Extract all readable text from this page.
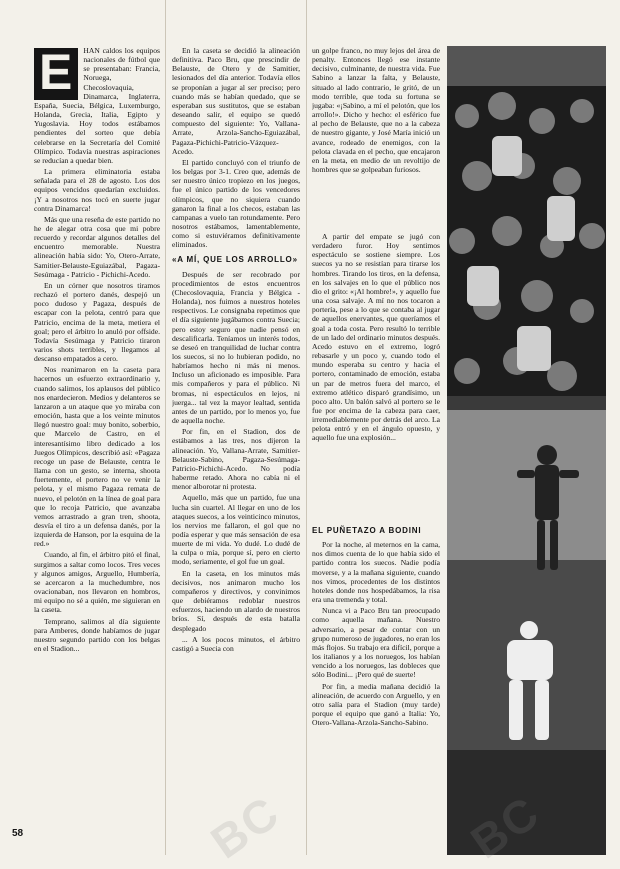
E	HAN caldos los equipos nacionales de fútbol que se presentaban: Francia, Noruega, Checoslovaquia, Dinamarca, Inglaterra, España, Suecia, Bélgica, Luxemburgo, Holanda, Grecia, Italia, Egipto y Yugoslavia. Hoy todos estábamos pendientes del sorteo que debía celebrarse en la Secretaría del Comité Olímpico. Todavía nuestras aspiraciones se reducían a quedar bien.

La primera eliminatoria estaba señalada para el 28 de agosto. Los dos equipos vencidos quedarían excluidos. ¡Y a nosotros nos tocó en suerte jugar contra Dinamarca!

Más que una reseña de este partido no he de alegar otra cosa que mi pobre recuerdo y recordar algunos detalles del encuentro memorable. Nuestra alineación había sido: Yo, Otero-Arrate, Samitier-Belauste-Eguiazábal, Pagaza-Sesúmaga - Patricio - Pichichi-Acedo.

En un córner que nosotros tiramos rechazó el portero danés, despejó un poco dudoso y Pagaza, después de escapar con la pelota, centró para que Patricio, encima de la meta, metiera el goal; pero el árbitro lo anuló por offside. Todavía Sesúmaga y Patricio tiraron varios shots terribles, y llegamos al descanso empatados a cero.

Nos reanimaron en la caseta para hacernos un esfuerzo extraordinario y, cuando salimos, los aplausos del público nos enardecieron. Medios y delanteros se lanzaron a un ataque que yo miraba con emoción, hasta que a los veinte minutos llegó nuestro goal: muy bonito, soberbio, que Marcelo de Castro, en el interesantísimo libro dedicado a los Juegos Olímpicos, describió así: «Pagaza recoge un pase de Belauste, centra le llama con un gesto, se interna, shoota fuertemente, el portero no ve venir la pelota, y el mismo Pagaza remata de nuevo, el pelotón en la línea de goal para que lo recoja Patricio, que avanzaba vemos arrastrado a gran tren, shoota, desvía el tiro a un defensa danés, por la izquierda de Hanson, por la esquina de la red.»

Cuando, al fin, el árbitro pitó el final, surgimos a saltar como locos. Tres veces y algunos amigos, Arguello, Humbería, se acercaron a la muchedumbre, nos ovacionaban, nos llevaron en hombros, mi equipo no sé a quién, me siguieran en la caseta.

Temprano, salimos al día siguiente para Amberes, donde habíamos de jugar nuestro segundo partido con los belgas en el Stadion...

En la caseta se decidió la alineación definitiva. Paco Bru, que prescindir de Belauste, de Otero y de Samitier, lesionados del día anterior. Todavía ellos se proponían a jugar al ser preciso; pero cuando más se habían quedado, que se esperaban sus sustitutos, que se estaban deseando salir, el equipo se quedó compuesto del siguiente: Yo, Vallana-Arrate, Arzola-Sancho-Eguiazábal, Pagaza-Pichichi-Patricio-Vázquez-Acedo.

El partido concluyó con el triunfo de los belgas por 3-1. Creo que, además de ser nuestro único tropiezo en los juegos, fue el único partido de los vencedores olímpicos, que no siquiera cuando ganaron la final a los checos, estaban las campanas a vuelo tan rotundamente. Pero nosotros estábamos, lamentablemente, como si estuviéramos definitivamente eliminados.

«A MÍ, QUE LOS ARROLLO»

Después de ser recobrado por procedimientos de estos encuentros (Checoslovaquia, Francia y Bélgica - Holanda), nos fuimos a nuestros hoteles respectivos. Le consignaba repetimos que el día siguiente jugábamos contra Suecia; pero estoy seguro que nadie pensó en descalificarla. Teníamos un interés todos, se deseó en tranquilidad de luchar contra los suecos, si no lo hubieran podido, no habríamos hecho ni más ni menos. Incluso un aficionado es imposible. Para mis compañeros y para el público. Ni bromas, ni espectáculos en lejos, ni juerga... tal vez la mayor lealtad, sentida antes de un partido, por lo menos yo, fue de aquella noche.

Por fin, en el Stadion, dos de estábamos a las tres, nos dijeron la alineación. Yo, Vallana-Arrate, Samitier-Belauste-Sabino, Pagaza-Sesúmaga-Patricio-Pichichi-Acedo. No podía haberme retado. Ahora no cabía ni el menor alborotar ni protesta.

Aquello, más que un partido, fue una lucha sin cuartel. Al llegar en uno de los ataques suecos, a los veinticinco minutos, los nervios me fallaron, el gol que no podía esperar y que más sensación de esa muerte de mi vida. Yo dudé. Lo dudé de la culpa o mía, porque sí, pero en cierto modo, seriamente, el gol fue un goal.

En la caseta, en los minutos más decisivos, nos animaron mucho los compañeros y directivos, y convinimos que debiéramos redoblar nuestros esfuerzos, haciendo un alardo de nuestros bríos. Sí, después de esta batalla desplegado

... A los pocos minutos, el árbitro castigó a Suecia con

un golpe franco, no muy lejos del área de penalty. Entonces llegó ese instante decisivo, culminante, de nuestra vida. Fue Sabino a lanzar la falta, y Belauste, situado al lado contrario, le gritó, de un modo terrible, que toda su fortuna se jugaba: «¡Sabino, a mí el pelotón, que los arrollo!». Dicho y hecho: el esférico fue al pecho de Belauste, que no a la cabeza de nuestro gigante, y José María inició un avance, rodeado de enemigos, con la pelota clavada en el pecho, que encajaron en la meta, en medio de un revoltijo de hombres que se golpeaban furiosos.

A partir del empate se jugó con verdadero furor. Hoy sentimos espectáculo se sostiene siempre. Los suecos ya no se resistían para tirarse los hombres. Tirando los tiros, en la defensa, en los salvajes en lo que el público nos dio el grito: «¡Al hombre!», y aquello fue una cosa salvaje. A mí no nos tocaron a portería, pese a lo que se contaba al jugar de aquellos enervantes, que queríamos el goal a toda costa. Pero resultó lo terrible de un lado del ordinario minutos después. Acedo estuvo en el extremo, logró rebasarle y un poco y, cuando todo el mundo esperaba su centro y hacia el portero, contaminado de emoción, estaba un par de metros fuera del marco, el extremo atlético disparó grandísimo, un poco alto. Un balón salvó al portero se le fue por encima de la cabeza para caer, irremediablemente por detrás del arco. La pelota entró y en el ángulo opuesto, y aquello fue una explosión...

EL PUÑETAZO A BODINI

Por la noche, al meternos en la cama, nos dimos cuenta de lo que había sido el partido contra los suecos. Nadie podía moverse, y a la mañana siguiente, cuando nos vimos, procedentes de los distintos hoteles donde nos hospedábamos, la risa era una tremenda y total.

Nunca vi a Paco Bru tan preocupado como aquella mañana. Nuestro adversario, a pesar de contar con un grupo numeroso de jugadores, no eran los más flojos. Su trabajo era difícil, porque a los italianos y a los noruegos, los habían vencido a los noruegos, las dobleces que sólo Bodini... ¡Pero qué de suerte!

Por fin, a media mañana decidió la alineación, de acuerdo con Arguello, y en otro salía para el Stadion (muy tarde) porque el equipo que ganó a Italia: Yo, Otero-Vallana-Arzola-Sancho-Sabino.

58	BC
BC
